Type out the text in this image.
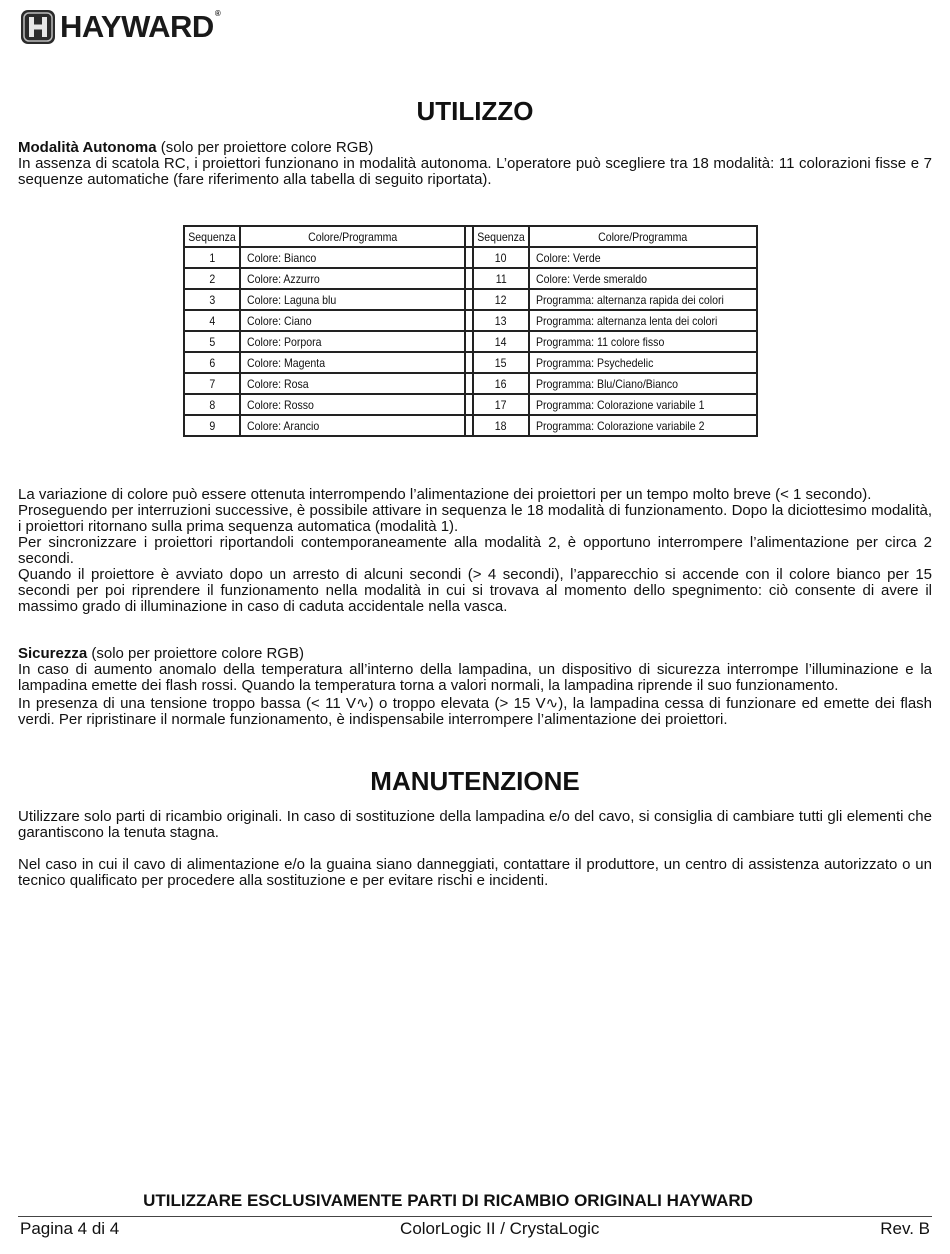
HAYWARD®
UTILIZZO

Modalità Autonoma (solo per proiettore colore RGB)

In assenza di scatola RC, i proiettori funzionano in modalità autonoma. L’operatore può scegliere tra 18 modalità: 11 colorazioni fisse e 7 sequenze automatiche (fare riferimento alla tabella di seguito riportata).

Sequenza	Colore/Programma		Sequenza	Colore/Programma
1	Colore: Bianco		10	Colore: Verde
2	Colore: Azzurro		11	Colore: Verde smeraldo
3	Colore: Laguna blu		12	Programma: alternanza rapida dei colori
4	Colore: Ciano		13	Programma: alternanza lenta dei colori
5	Colore: Porpora		14	Programma: 11 colore fisso
6	Colore: Magenta		15	Programma: Psychedelic
7	Colore: Rosa		16	Programma: Blu/Ciano/Bianco
8	Colore: Rosso		17	Programma: Colorazione variabile 1
9	Colore: Arancio		18	Programma: Colorazione variabile 2

La variazione di colore può essere ottenuta interrompendo l’alimentazione dei proiettori per un tempo molto breve (< 1 secondo).

Proseguendo per interruzioni successive, è possibile attivare in sequenza le 18 modalità di funzionamento. Dopo la diciottesimo modalità, i proiettori ritornano sulla prima sequenza automatica (modalità 1).

Per sincronizzare i proiettori riportandoli contemporaneamente alla modalità 2, è opportuno interrompere l’alimentazione per circa 2 secondi.

Quando il proiettore è avviato dopo un arresto di alcuni secondi (> 4 secondi), l’apparecchio si accende con il colore bianco per 15 secondi per poi riprendere il funzionamento nella modalità in cui si trovava al momento dello spegnimento: ciò consente di avere il massimo grado di illuminazione in caso di caduta accidentale nella vasca.

Sicurezza (solo per proiettore colore RGB)

In caso di aumento anomalo della temperatura all’interno della lampadina, un dispositivo di sicurezza interrompe l’illuminazione e la lampadina emette dei flash rossi. Quando la temperatura torna a valori normali, la lampadina riprende il suo funzionamento.

In presenza di una tensione troppo bassa (< 11 V∿) o troppo elevata (> 15 V∿), la lampadina cessa di funzionare ed emette dei flash verdi. Per ripristinare il normale funzionamento, è indispensabile interrompere l’alimentazione dei proiettori.

MANUTENZIONE

Utilizzare solo parti di ricambio originali. In caso di sostituzione della lampadina e/o del cavo, si consiglia di cambiare tutti gli elementi che garantiscono la tenuta stagna.

Nel caso in cui il cavo di alimentazione e/o la guaina siano danneggiati, contattare il produttore, un centro di assistenza autorizzato o un tecnico qualificato per procedere alla sostituzione e per evitare rischi e incidenti.

UTILIZZARE ESCLUSIVAMENTE PARTI DI RICAMBIO ORIGINALI HAYWARD
Pagina 4 di 4	ColorLogic II / CrystaLogic	Rev. B
